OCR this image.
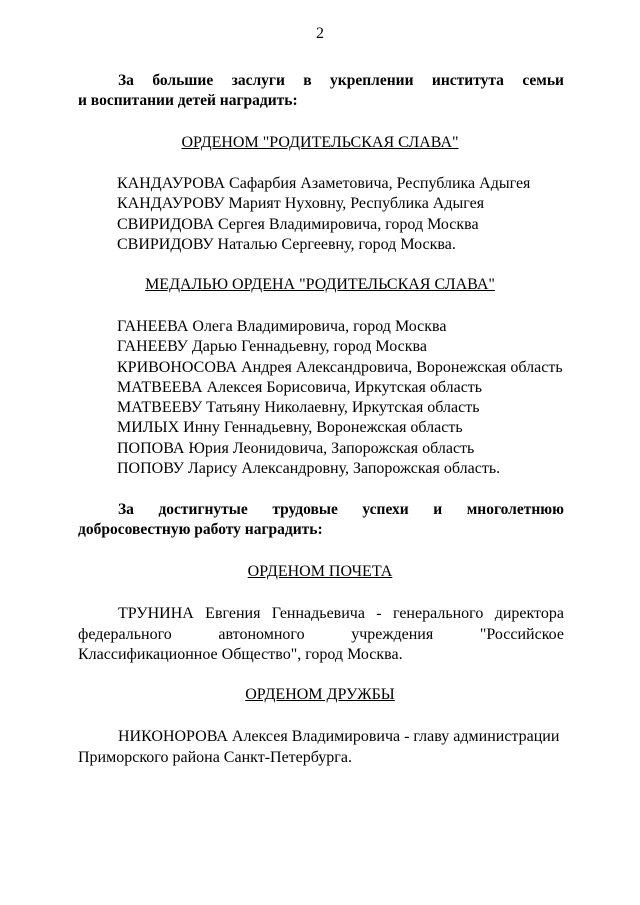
2
За большие заслуги в укреплении института семьи
и воспитании детей наградить:
ОРДЕНОМ "РОДИТЕЛЬСКАЯ СЛАВА"
КАНДАУРОВА Сафарбия Азаметовича, Республика Адыгея
КАНДАУРОВУ Марият Нуховну, Республика Адыгея
СВИРИДОВА Сергея Владимировича, город Москва
СВИРИДОВУ Наталью Сергеевну, город Москва.
МЕДАЛЬЮ ОРДЕНА "РОДИТЕЛЬСКАЯ СЛАВА"
ГАНЕЕВА Олега Владимировича, город Москва
ГАНЕЕВУ Дарью Геннадьевну, город Москва
КРИВОНОСОВА Андрея Александровича, Воронежская область
МАТВЕЕВА Алексея Борисовича, Иркутская область
МАТВЕЕВУ Татьяну Николаевну, Иркутская область
МИЛЫХ Инну Геннадьевну, Воронежская область
ПОПОВА Юрия Леонидовича, Запорожская область
ПОПОВУ Ларису Александровну, Запорожская область.
За достигнутые трудовые успехи и многолетнюю
добросовестную работу наградить:
ОРДЕНОМ ПОЧЕТА
ТРУНИНА Евгения Геннадьевича - генерального директора
федерального	автономного	учреждения	"Российское
Классификационное Общество", город Москва.
ОРДЕНОМ ДРУЖБЫ
НИКОНОРОВА Алексея Владимировича - главу администрации
Приморского района Санкт-Петербурга.
